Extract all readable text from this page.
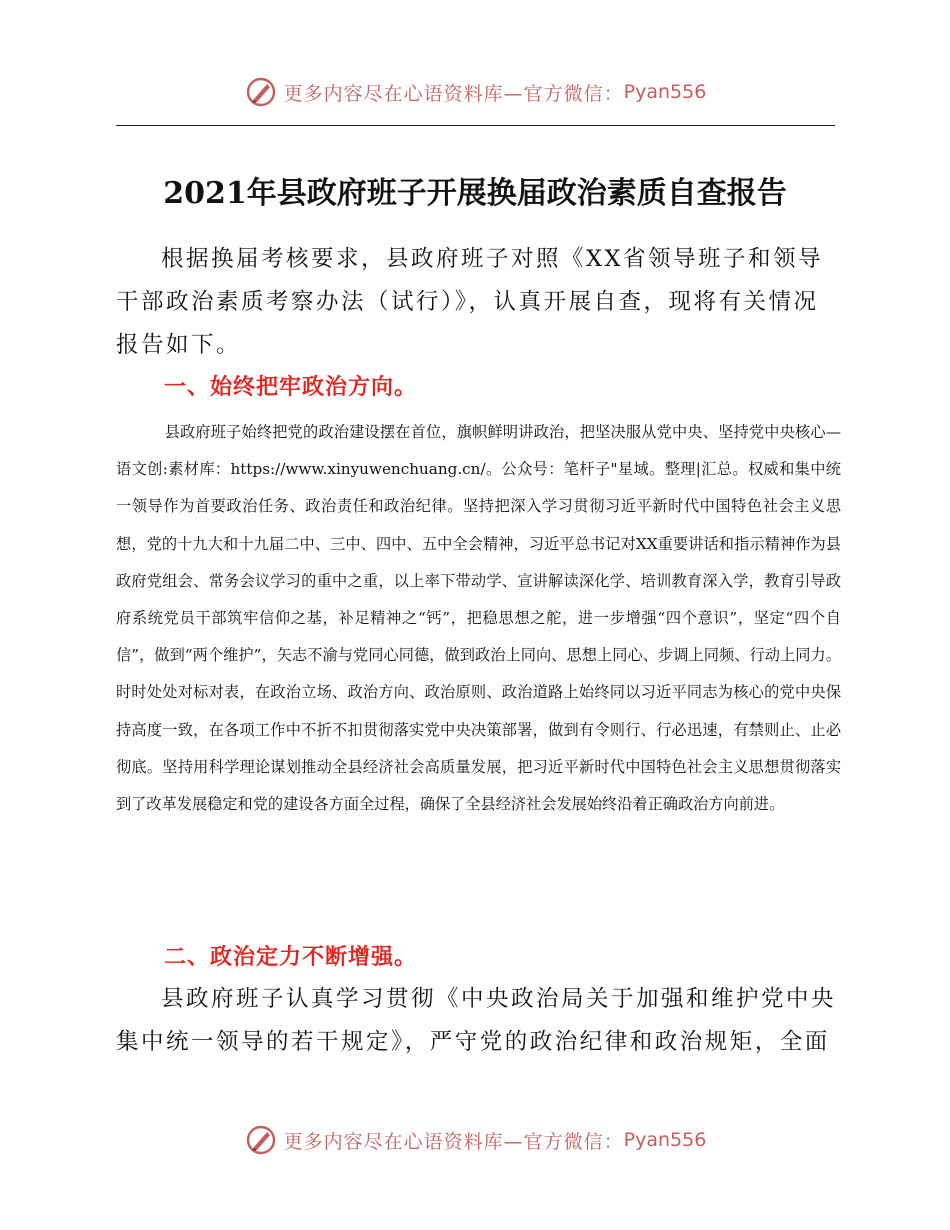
更多内容尽在心语资料库—官方微信： Pyan556
2021年县政府班子开展换届政治素质自查报告

根据换届考核要求，县政府班子对照《XX省领导班子和领导干部政治素质考察办法（试行）》，认真开展自查，现将有关情况报告如下。

一、始终把牢政治方向。

县政府班子始终把党的政治建设摆在首位，旗帜鲜明讲政治，把坚决服从党中央、坚持党中央核心—语文创:素材库：https://www.xinyuwenchuang.cn/。公众号：笔杆子"星域。整理|汇总。权威和集中统一领导作为首要政治任务、政治责任和政治纪律。坚持把深入学习贯彻习近平新时代中国特色社会主义思想，党的十九大和十九届二中、三中、四中、五中全会精神，习近平总书记对XX重要讲话和指示精神作为县政府党组会、常务会议学习的重中之重，以上率下带动学、宣讲解读深化学、培训教育深入学，教育引导政府系统党员干部筑牢信仰之基，补足精神之“钙”，把稳思想之舵，进一步增强“四个意识”，坚定“四个自信”，做到“两个维护”，矢志不渝与党同心同德，做到政治上同向、思想上同心、步调上同频、行动上同力。时时处处对标对表，在政治立场、政治方向、政治原则、政治道路上始终同以习近平同志为核心的党中央保持高度一致，在各项工作中不折不扣贯彻落实党中央决策部署，做到有令则行、行必迅速，有禁则止、止必彻底。坚持用科学理论谋划推动全县经济社会高质量发展，把习近平新时代中国特色社会主义思想贯彻落实到了改革发展稳定和党的建设各方面全过程，确保了全县经济社会发展始终沿着正确政治方向前进。

二、政治定力不断增强。

县政府班子认真学习贯彻《中央政治局关于加强和维护党中央集中统一领导的若干规定》，严守党的政治纪律和政治规矩，全面

更多内容尽在心语资料库—官方微信： Pyan556
